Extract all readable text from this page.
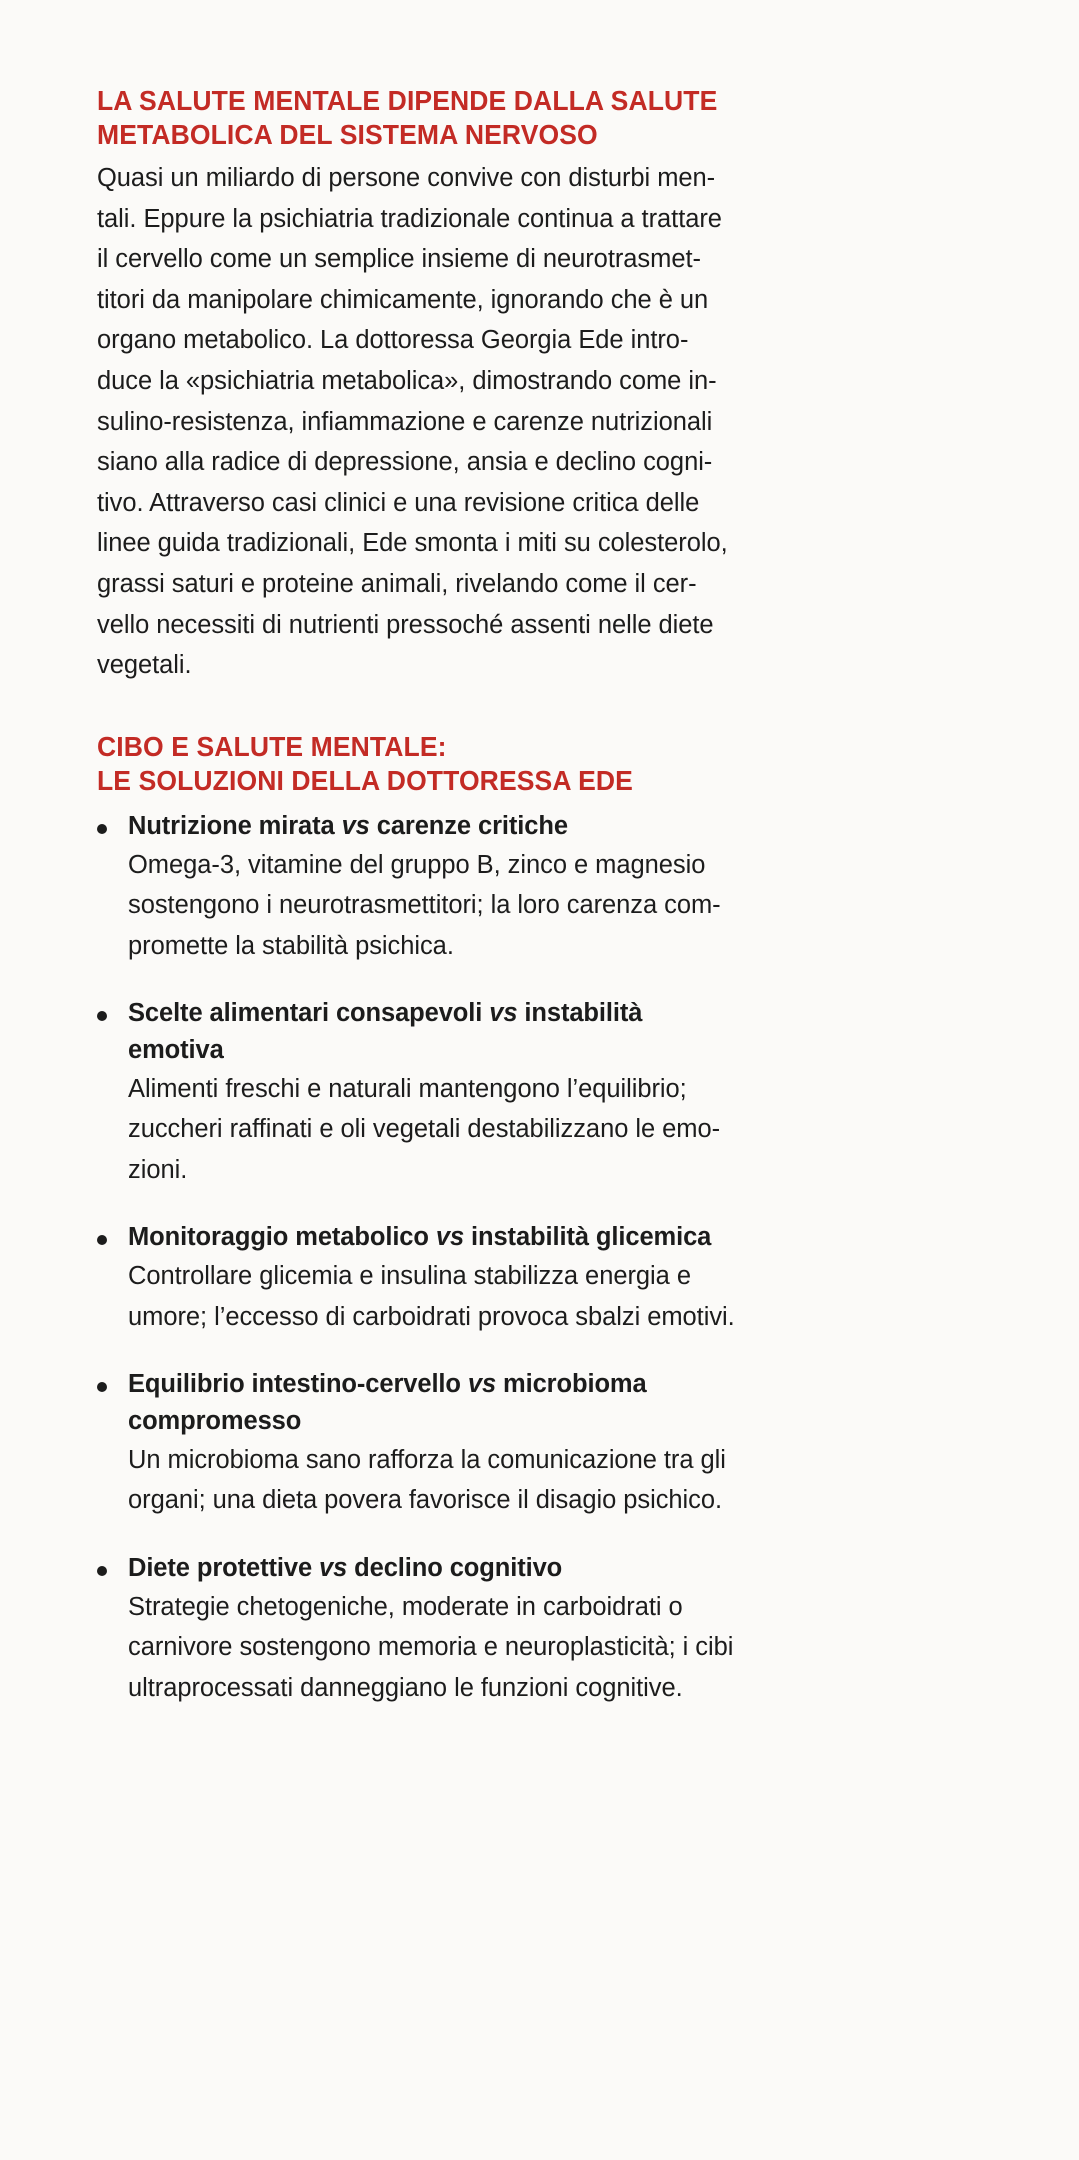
LA SALUTE MENTALE DIPENDE DALLA SALUTE
METABOLICA DEL SISTEMA NERVOSO

Quasi un miliardo di persone convive con disturbi men-
tali. Eppure la psichiatria tradizionale continua a trattare
il cervello come un semplice insieme di neurotrasmet-
titori da manipolare chimicamente, ignorando che è un
organo metabolico. La dottoressa Georgia Ede intro-
duce la «psichiatria metabolica», dimostrando come in-
sulino-resistenza, infiammazione e carenze nutrizionali
siano alla radice di depressione, ansia e declino cogni-
tivo. Attraverso casi clinici e una revisione critica delle
linee guida tradizionali, Ede smonta i miti su colesterolo,
grassi saturi e proteine animali, rivelando come il cer-
vello necessiti di nutrienti pressoché assenti nelle diete
vegetali.

CIBO E SALUTE MENTALE:
LE SOLUZIONI DELLA DOTTORESSA EDE

Nutrizione mirata vs carenze critiche

Omega-3, vitamine del gruppo B, zinco e magnesio
sostengono i neurotrasmettitori; la loro carenza com-
promette la stabilità psichica.

Scelte alimentari consapevoli vs instabilità emotiva

Alimenti freschi e naturali mantengono l’equilibrio;
zuccheri raffinati e oli vegetali destabilizzano le emo-
zioni.

Monitoraggio metabolico vs instabilità glicemica

Controllare glicemia e insulina stabilizza energia e
umore; l’eccesso di carboidrati provoca sbalzi emotivi.

Equilibrio intestino-cervello vs microbioma
compromesso

Un microbioma sano rafforza la comunicazione tra gli
organi; una dieta povera favorisce il disagio psichico.

Diete protettive vs declino cognitivo

Strategie chetogeniche, moderate in carboidrati o
carnivore sostengono memoria e neuroplasticità; i cibi
ultraprocessati danneggiano le funzioni cognitive.
